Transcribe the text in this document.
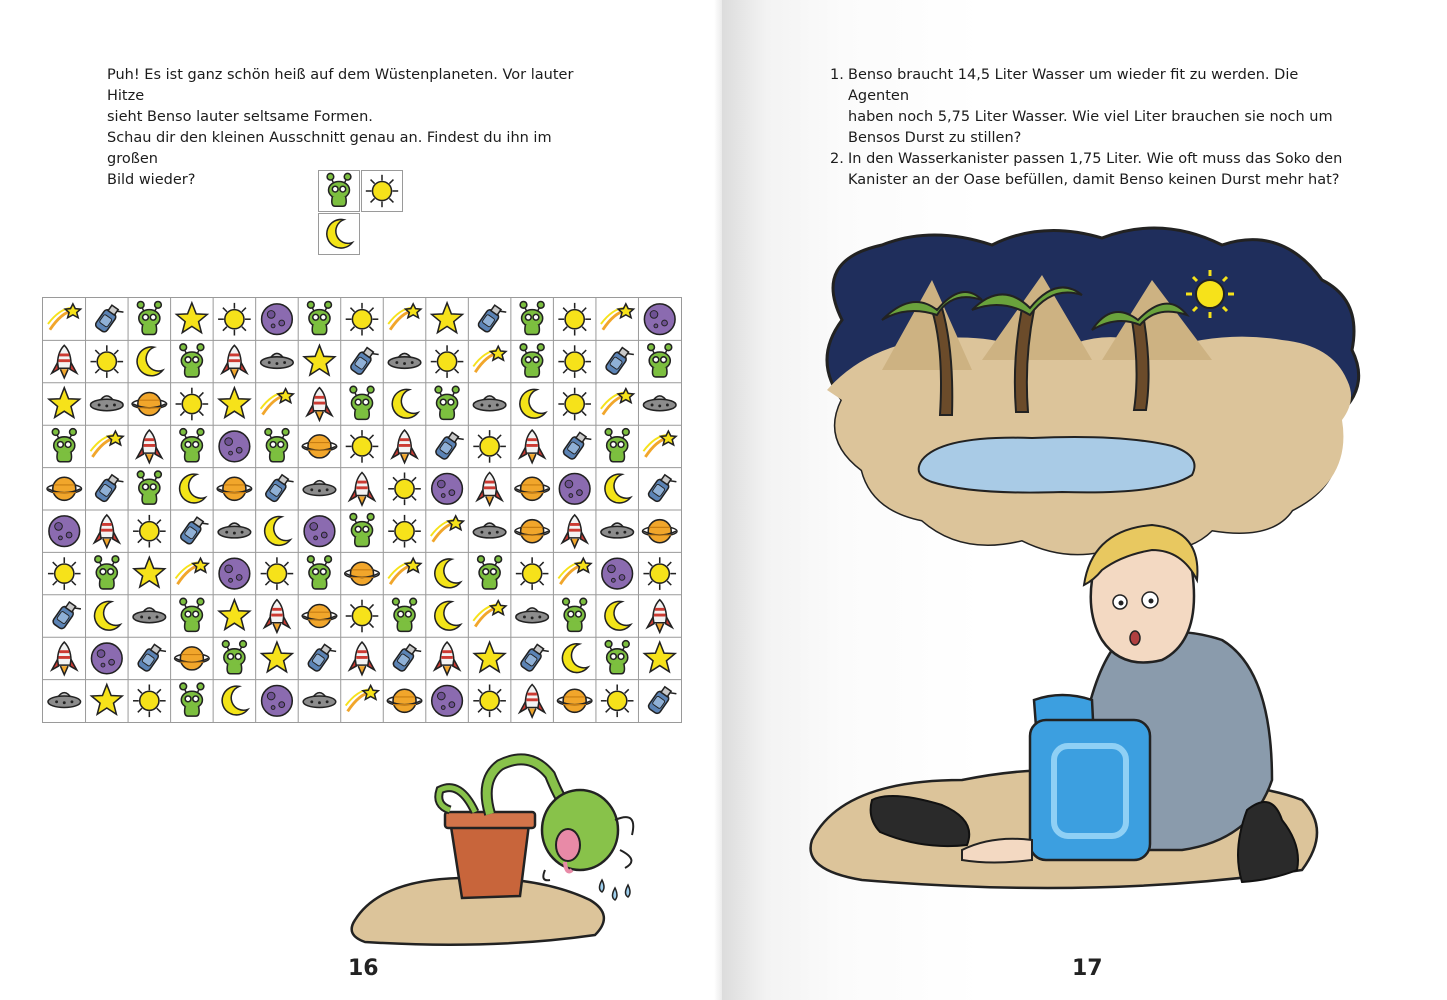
Puh! Es ist ganz schön heiß auf dem Wüstenplaneten. Vor lauter Hitze

sieht Benso lauter seltsame Formen.

Schau dir den kleinen Ausschnitt genau an. Findest du ihn im großen

Bild wieder?

16
1. Benso braucht 14,5 Liter Wasser um wieder fit zu werden. Die Agenten
haben noch 5,75 Liter Wasser. Wie viel Liter brauchen sie noch um
Bensos Durst zu stillen?
2. In den Wasserkanister passen 1,75 Liter. Wie oft muss das Soko den
Kanister an der Oase befüllen, damit Benso keinen Durst mehr hat?
17
